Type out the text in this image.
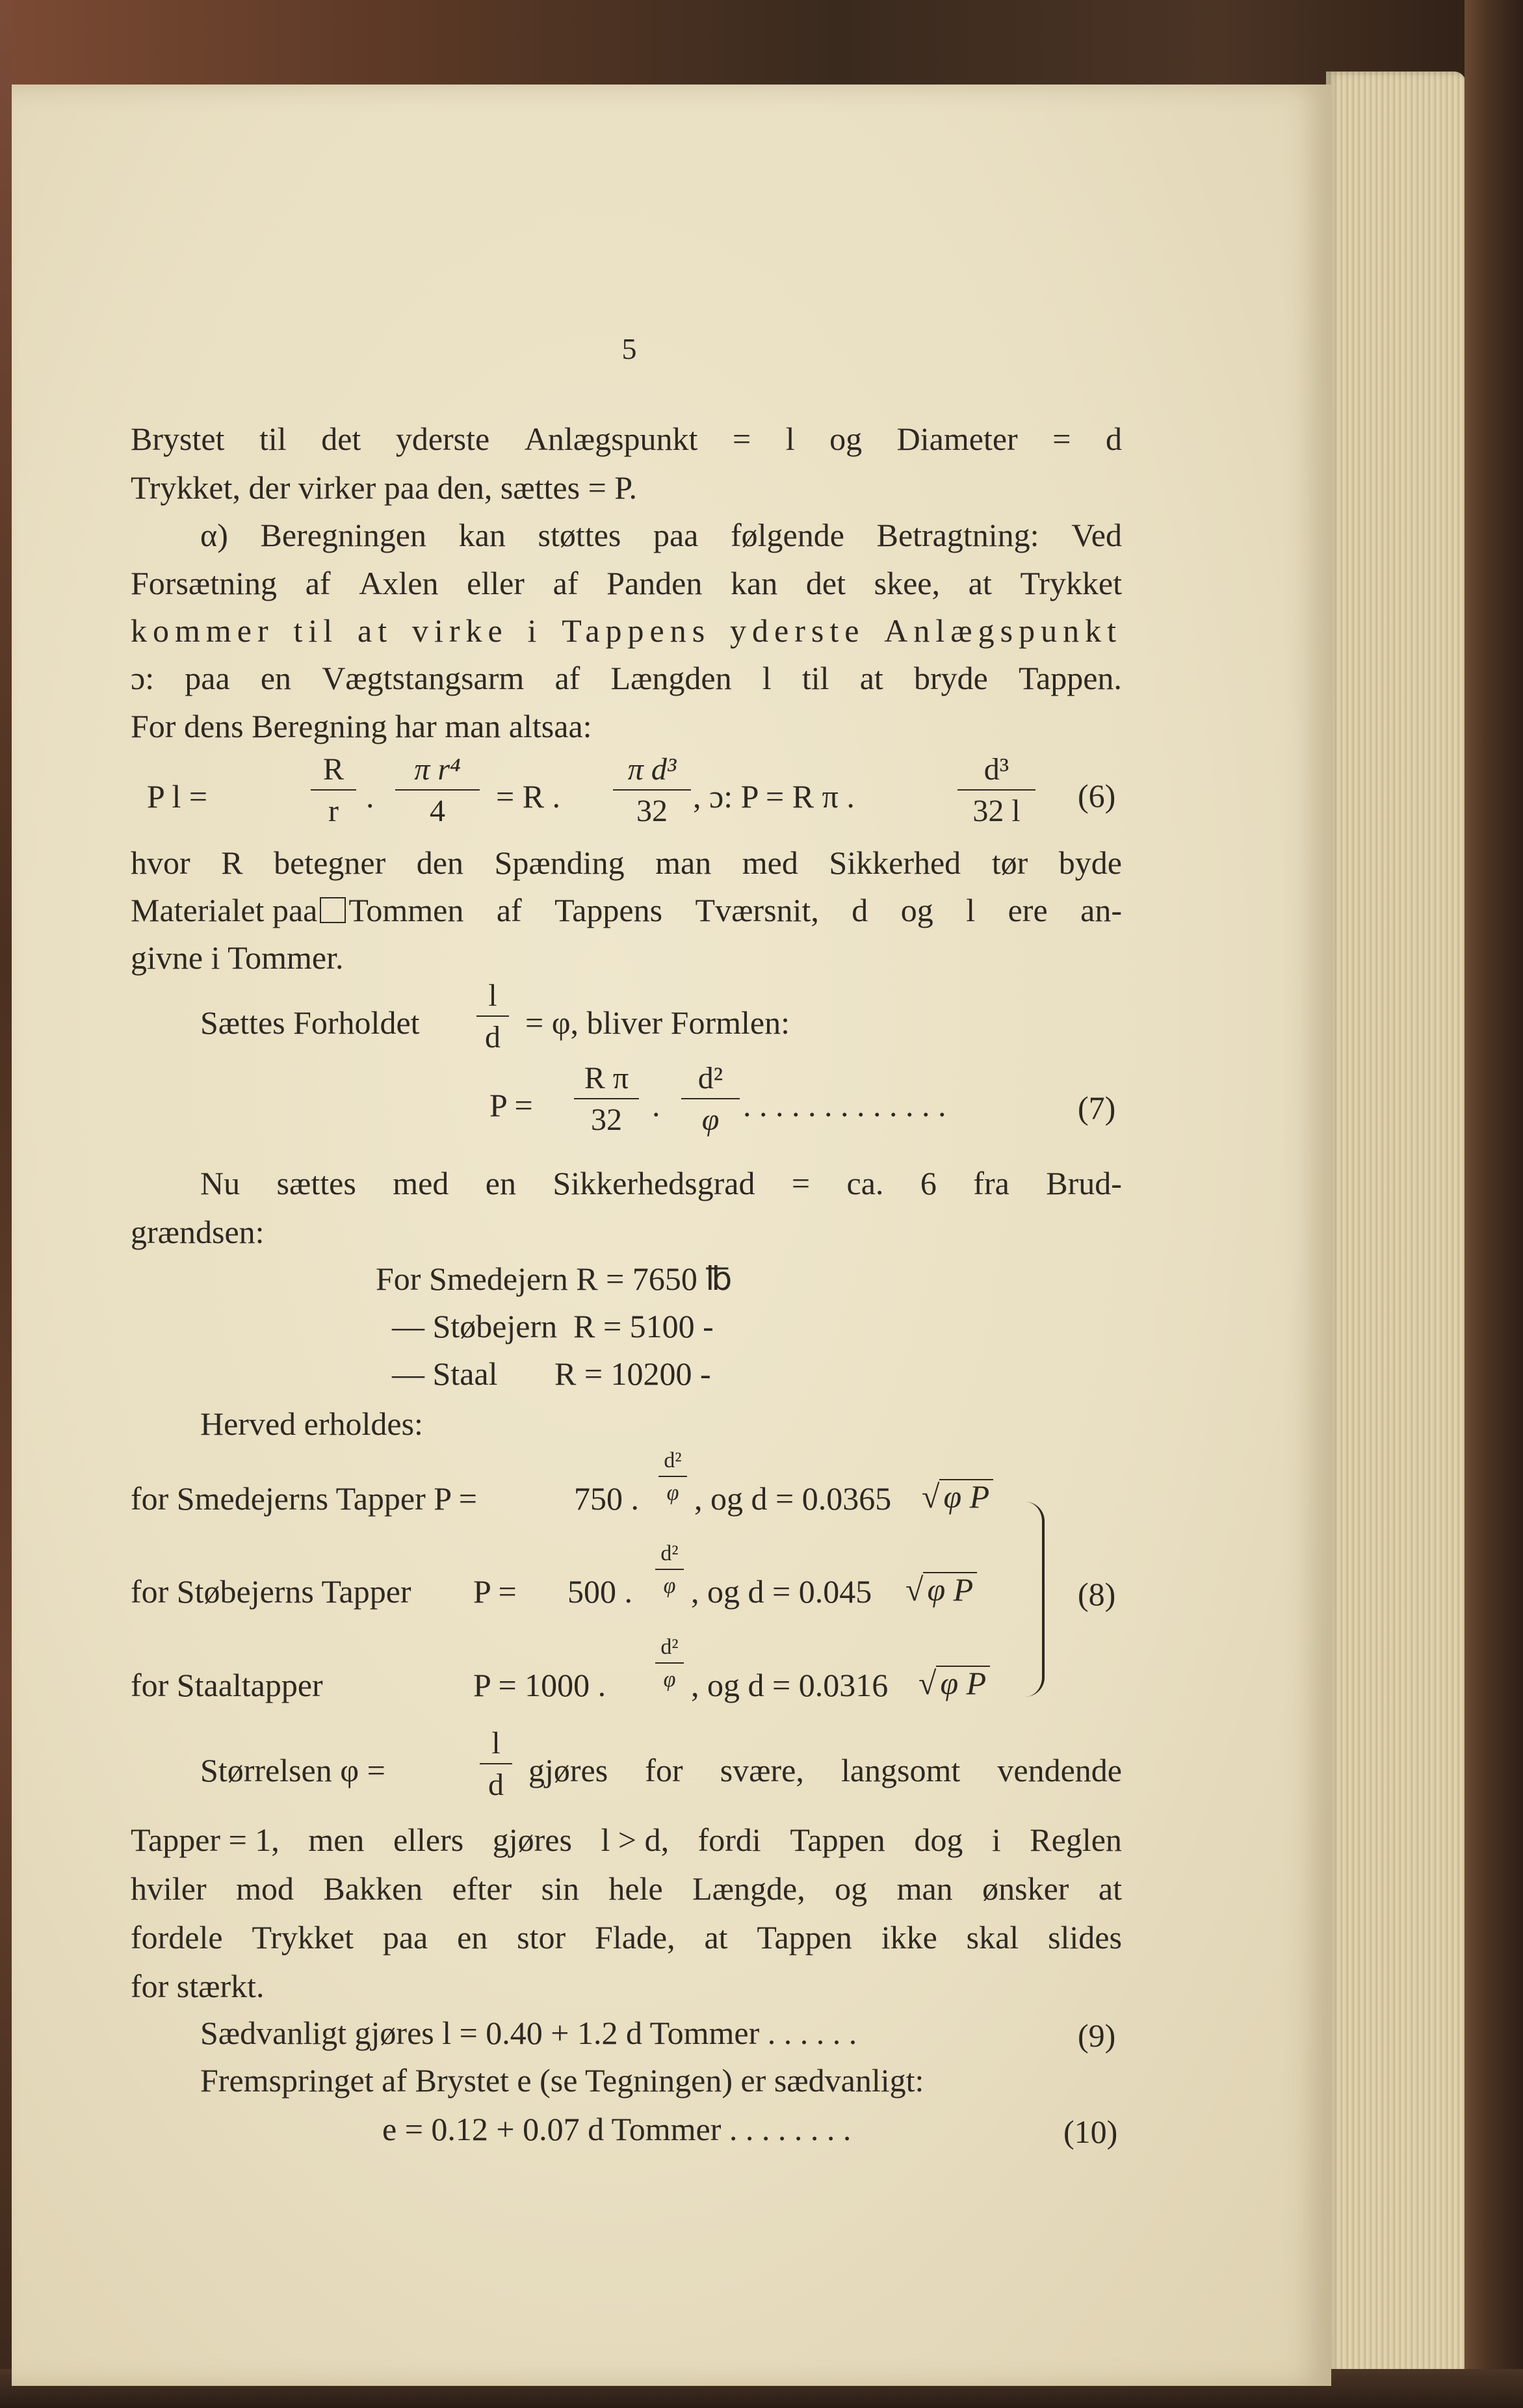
5
Brystet til det yderste Anlægspunkt = l og Diameter = d
Trykket, der virker paa den, sættes = P.
α) Beregningen kan støttes paa følgende Betragtning: Ved
Forsætning af Axlen eller af Panden kan det skee, at Trykket
kommer til at virke i Tappens yderste Anlægspunkt
ɔ: paa en Vægtstangsarm af Længden l til at bryde Tappen.
For dens Beregning har man altsaa:
P l =	$\frac{R}{r}$ . $\frac{\text{π r⁴}}{4} = R$ . $\frac{\text{π d³}}{32}$ , ɔ: P = R π .	$\frac{\text{d³}}{32 l} (6)$
hvor R betegner den Spænding man med Sikkerhed tør byde
Materialet paa Tommen af Tappens Tværsnit, d og l ere an-
givne i Tommer.
Sættes Forholdet $\frac{l}{d} = \varphi$, bliver Formlen:
$P = \frac{\text{R π}}{32}$ . $\frac{\text{d²}}{\varphi}$ . . . . . . . . . . . . .	(7)
Nu sættes med en Sikkerhedsgrad = ca. 6 fra Brud-
grændsen:
For Smedejern R = 7650 ℔
— Støbejern  R = 5100 -
— Staal       R = 10200 -
Herved erholdes:
for Smedejerns Tapper P =	750 . $\frac{\text{d²}}{\varphi}$ , og d = 0.0365 √ φ P
for Støbejerns Tapper P = 500 . $\frac{\text{d²}}{\varphi}$ , og d = 0.045 √ φ P	(8)
for Staaltapper	P = 1000 . $\frac{\text{d²}}{\varphi}$ , og d = 0.0316 √ φ P
Størrelsen φ =	$\frac{l}{d}$ gjøres for svære, langsomt vendende
Tapper = 1, men ellers gjøres l > d, fordi Tappen dog i Reglen
hviler mod Bakken efter sin hele Længde, og man ønsker at
fordele Trykket paa en stor Flade, at Tappen ikke skal slides
for stærkt.
Sædvanligt gjøres l = 0.40 + 1.2 d Tommer . . . . . .	(9)
Fremspringet af Brystet e (se Tegningen) er sædvanligt:
e = 0.12 + 0.07 d Tommer . . . . . . . .	(10)
